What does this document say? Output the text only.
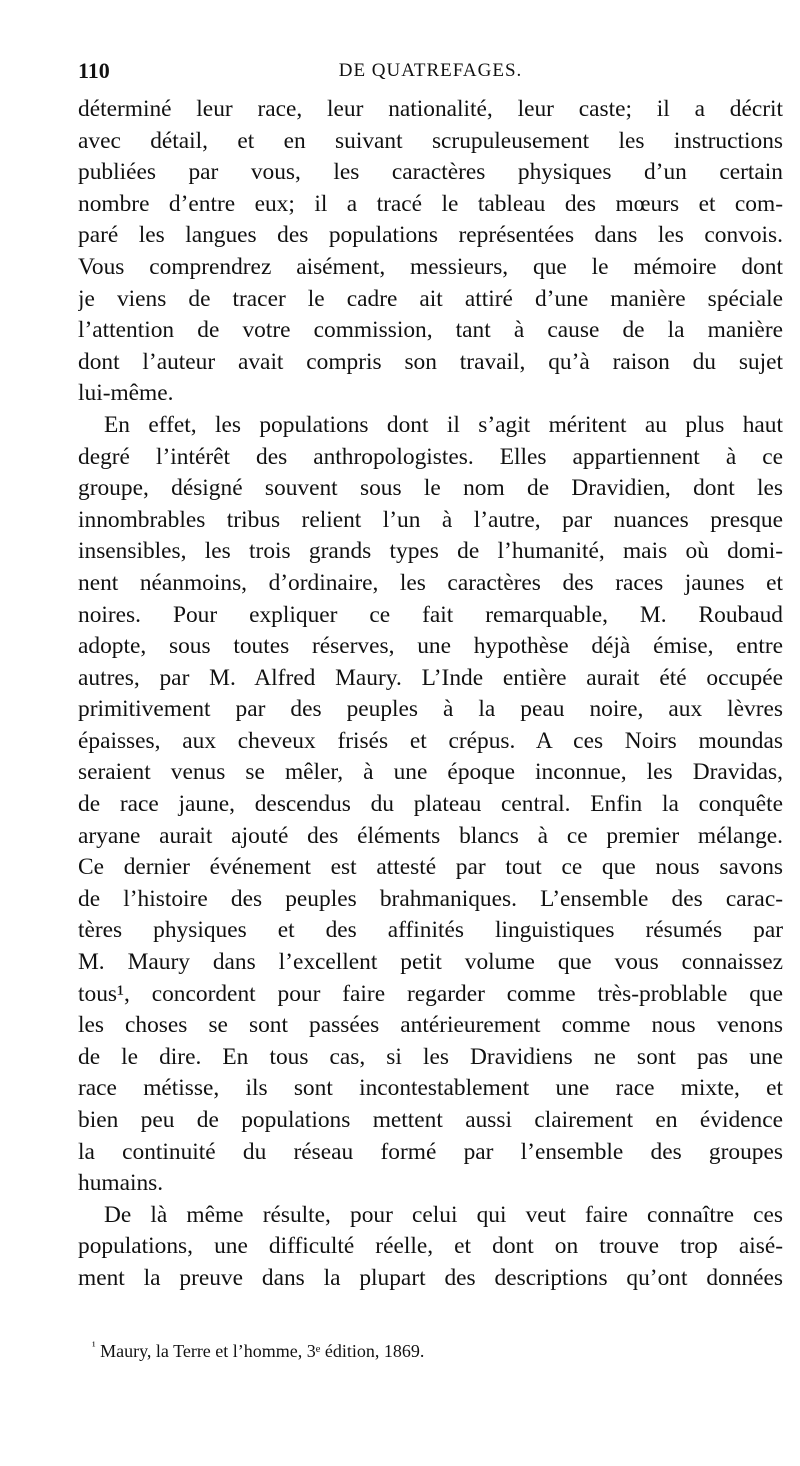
110	DE QUATREFAGES.
déterminé leur race, leur nationalité, leur caste; il a décrit
avec détail, et en suivant scrupuleusement les instructions
publiées par vous, les caractères physiques d’un certain
nombre d’entre eux; il a tracé le tableau des mœurs et com-
paré les langues des populations représentées dans les convois.
Vous comprendrez aisément, messieurs, que le mémoire dont
je viens de tracer le cadre ait attiré d’une manière spéciale
l’attention de votre commission, tant à cause de la manière
dont l’auteur avait compris son travail, qu’à raison du sujet
lui-même.
En effet, les populations dont il s’agit méritent au plus haut
degré l’intérêt des anthropologistes. Elles appartiennent à ce
groupe, désigné souvent sous le nom de Dravidien, dont les
innombrables tribus relient l’un à l’autre, par nuances presque
insensibles, les trois grands types de l’humanité, mais où domi-
nent néanmoins, d’ordinaire, les caractères des races jaunes et
noires. Pour expliquer ce fait remarquable, M. Roubaud
adopte, sous toutes réserves, une hypothèse déjà émise, entre
autres, par M. Alfred Maury. L’Inde entière aurait été occupée
primitivement par des peuples à la peau noire, aux lèvres
épaisses, aux cheveux frisés et crépus. A ces Noirs moundas
seraient venus se mêler, à une époque inconnue, les Dravidas,
de race jaune, descendus du plateau central. Enfin la conquête
aryane aurait ajouté des éléments blancs à ce premier mélange.
Ce dernier événement est attesté par tout ce que nous savons
de l’histoire des peuples brahmaniques. L’ensemble des carac-
tères physiques et des affinités linguistiques résumés par
M. Maury dans l’excellent petit volume que vous connaissez
tous¹, concordent pour faire regarder comme très-problable que
les choses se sont passées antérieurement comme nous venons
de le dire. En tous cas, si les Dravidiens ne sont pas une
race métisse, ils sont incontestablement une race mixte, et
bien peu de populations mettent aussi clairement en évidence
la continuité du réseau formé par l’ensemble des groupes
humains.
De là même résulte, pour celui qui veut faire connaître ces
populations, une difficulté réelle, et dont on trouve trop aisé-
ment la preuve dans la plupart des descriptions qu’ont données
$^{^1}$ Maury, la Terre et l’homme, 3ᵉ édition, 1869.
